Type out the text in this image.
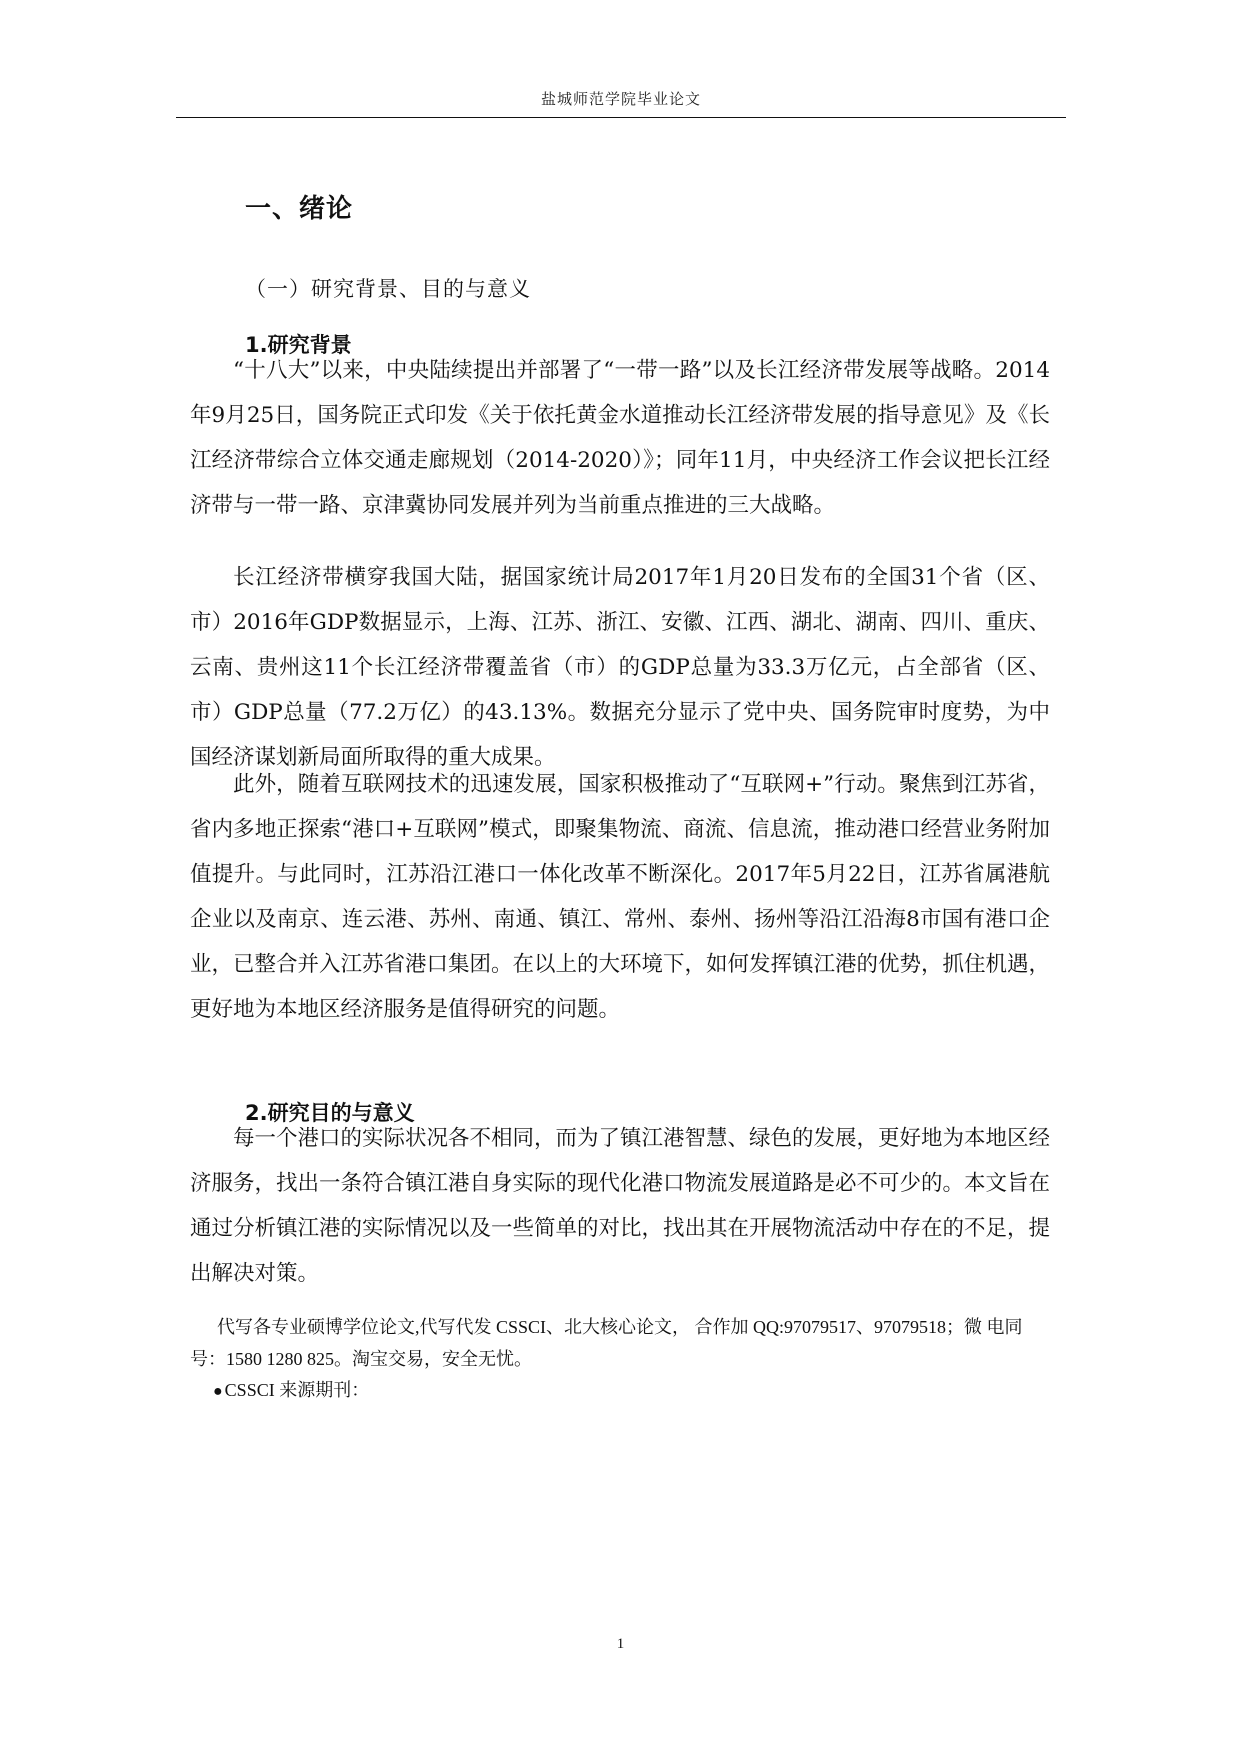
盐城师范学院毕业论文
一、绪论
（一）研究背景、目的与意义
1.研究背景

“十八大”以来，中央陆续提出并部署了“一带一路”以及长江经济带发展等战略。2014年9月25日，国务院正式印发《关于依托黄金水道推动长江经济带发展的指导意见》及《长江经济带综合立体交通走廊规划（2014-2020）》；同年11月，中央经济工作会议把长江经济带与一带一路、京津冀协同发展并列为当前重点推进的三大战略。

长江经济带横穿我国大陆，据国家统计局2017年1月20日发布的全国31个省（区、市）2016年GDP数据显示，上海、江苏、浙江、安徽、江西、湖北、湖南、四川、重庆、云南、贵州这11个长江经济带覆盖省（市）的GDP总量为33.3万亿元，占全部省（区、市）GDP总量（77.2万亿）的43.13%。数据充分显示了党中央、国务院审时度势，为中国经济谋划新局面所取得的重大成果。

此外，随着互联网技术的迅速发展，国家积极推动了“互联网+”行动。聚焦到江苏省，省内多地正探索“港口+互联网”模式，即聚集物流、商流、信息流，推动港口经营业务附加值提升。与此同时，江苏沿江港口一体化改革不断深化。2017年5月22日，江苏省属港航企业以及南京、连云港、苏州、南通、镇江、常州、泰州、扬州等沿江沿海8市国有港口企业，已整合并入江苏省港口集团。在以上的大环境下，如何发挥镇江港的优势，抓住机遇，更好地为本地区经济服务是值得研究的问题。

2.研究目的与意义

每一个港口的实际状况各不相同，而为了镇江港智慧、绿色的发展，更好地为本地区经济服务，找出一条符合镇江港自身实际的现代化港口物流发展道路是必不可少的。本文旨在通过分析镇江港的实际情况以及一些简单的对比，找出其在开展物流活动中存在的不足，提出解决对策。

代写各专业硕博学位论文,代写代发 CSSCI、北大核心论文， 合作加 QQ:97079517、97079518；微 电同号：1580 1280 825。淘宝交易，安全无忧。

● CSSCI 来源期刊：
1
